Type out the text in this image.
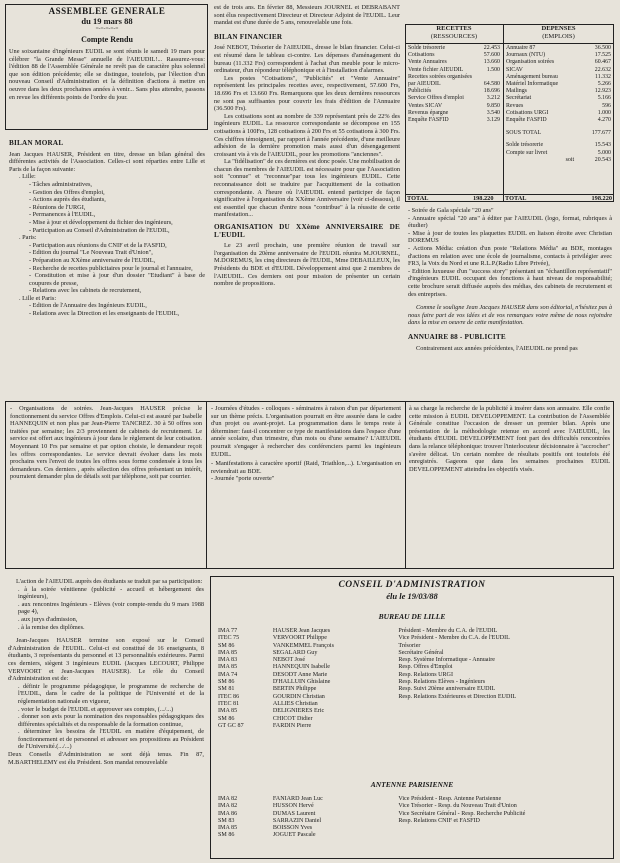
ASSEMBLEE GENERALE
du 19 mars 88
=-=-=-=-=
Compte Rendu

Une soixantaine d'ingénieurs EUDIL se sont réunis le samedi 19 mars pour célébrer "la Grande Messe" annuelle de l'AIEUDIL!... Rassurez-vous: l'édition 88 de l'Assemblée Générale ne revêt pas de caractère plus solennel que son édition précédente; elle se distingue, toutefois, par l'élection d'un nouveau Conseil d'Administration et la définition d'actions à mettre en oeuvre dans les deux prochaines années à venir... Sans plus attendre, passons en revue les différents points de l'ordre du jour.

BILAN MORAL

Jean Jacques HAUSER, Président en titre, dresse un bilan général des différentes activités de l'Association. Celles-ci sont réparties entre Lille et Paris de la façon suivante:

. Lille:

- Tâches administratives,

- Gestion des Offres d'emploi,

- Actions auprès des étudiants,

- Réunions de l'URGI,

- Permanences à l'EUDIL,

- Mise à jour et développement du fichier des ingénieurs,

- Participation au Conseil d'Administration de l'EUDIL,

. Paris:

- Participation aux réunions du CNIF et de la FASFID,

- Edition du journal "Le Nouveau Trait d'Union",

- Préparation au XXème anniversaire de l'EUDIL,

- Recherche de recettes publicitaires pour le journal et l'annuaire,

- Constitution et mise à jour d'un dossier "Etudiant" à base de coupures de presse,

- Relations avec les cabinets de recrutement,

. Lille et Paris:

- Edition de l'Annuaire des Ingénieurs EUDIL,

- Relations avec la Direction et les enseignants de l'EUDIL,

est de trois ans. En février 88, Messieurs JOURNEL et DEBRABANT sont élus respectivement Directeur et Directeur Adjoint de l'EUDIL. Leur mandat est d'une durée de 5 ans, renouvelable une fois.

BILAN FINANCIER

José NEBOT, Trésorier de l'AIEUDIL, dresse le bilan financier. Celui-ci est résumé dans le tableau ci-contre. Les dépenses d'aménagement du bureau (11.332 Frs) correspondent à l'achat d'un meuble pour le micro-ordinateur, d'un répondeur téléphonique et à l'installation d'alarmes.

Les postes "Cotisations", "Publicités" et "Vente Annuaire" représentent les principales recettes avec, respectivement, 57.600 Frs, 18.696 Frs et 13.660 Frs. Remarquons que les deux dernières ressources ne sont pas suffisantes pour couvrir les frais d'édition de l'Annuaire (36.500 Frs).

Les cotisations sont au nombre de 339 représentant près de 22% des ingénieurs EUDIL. La ressource correspondante se décompose en 155 cotisations à 100Frs, 128 cotisations à 200 Frs et 55 cotisations à 300 Frs. Ces chiffres témoignent, par rapport à l'année précédente, d'une meilleure adhésion de la dernière promotion mais aussi d'un désengagement croissant vis à vis de l'AIEUDIL, pour les promotions "anciennes".

La "fidélisation" de ces dernières est donc posée. Une mobilisation de chacun des membres de l'AIEUDIL est nécessaire pour que l'Association soit "connue" et "reconnue"par tous les ingénieurs EUDIL. Cette reconnaissance doit se traduire par l'acquittement de la cotisation correspondante. A l'heure où l'AIEUDIL entend participer de façon significative à l'organisation du XXème Anniversaire (voir ci-dessous), il est essentiel que chacun d'entre nous "contribue" à la réussite de cette manifestation...

ORGANISATION DU XXème ANNIVERSAIRE DE L'EUDIL

Le 23 avril prochain, une première réunion de travail sur l'organisation du 20ème anniversaire de l'EUDIL réunira M.JOURNEL, M.DOREMUS, les cinq directeurs de l'EUDIL, Mme DEBAILLEUX, les Présidents du BDE et d'EUDIL Développement ainsi que 2 membres de l'AIEUDIL. Ces derniers ont pour mission de présenter un certain nombre de propositions.

RECETTES
(RESSOURCES)
DEPENSES
(EMPLOIS)
Solde trésorerie	22.453
Cotisations	57.600
Vente Annuaires	13.660
Vente fichier AIEUDIL	1.500
Recettes soirées organisées	
par AIEUDIL	64.580
Publicités	18.696
Service Offres d'emploi	3.212
Ventes SICAV	9.850
Revenus épargne	3.540
Enquête FASFID	3.129
Annuaire 87	36.500
Journaux (NTU)	17.525
Organisation soirées	60.467
SICAV	22.632
Aménagement bureau	11.332
Matériel Informatique	5.266
Mailings	12.923
Secrétariat	5.166
Revues	596
Cotisations URGI	1.000
Enquête FASFID	4.270
SOUS TOTAL	177.677

Solde trésorerie	15.543
Compte sur livret	5.000
soit	20.543
TOTAL	198.220 TOTAL	198.220

- Soirée de Gala spéciale "20 ans"

- Annuaire spécial "20 ans" à éditer par l'AIEUDIL (logo, format, rubriques à étudier)

- Mise à jour de toutes les plaquettes EUDIL en liaison étroite avec Christian DOREMUS

- Actions Média: création d'un poste "Relations Média" au BDE, montages d'actions en relation avec une école de journalisme, contacts à privilégier avec FR3, la Voix du Nord et une R.L.P.(Radio Libre Privée),

- Edition luxueuse d'un "success story" présentant un "échantillon représentatif" d'ingénieurs EUDIL occupant des fonctions à haut niveau de responsabilité; cette brochure serait diffusée auprès des médias, des cabinets de recrutement et des entreprises.

Comme le souligne Jean Jacques HAUSER dans son éditorial, n'hésitez pas à nous faire part de vos idées et de vos remarques votre même de nous rejoindre dans la mise en oeuvre de cette manifestation.

ANNUAIRE 88 - PUBLICITE

Contrairement aux années précédentes, l'AIEUDIL ne prend pas

- Organisations de soirées. Jean-Jacques HAUSER précise le fonctionnement du service Offres d'Emplois. Celui-ci est assuré par Isabelle HANNEQUIN et non plus par Jean-Pierre TANCREZ. 30 à 50 offres son traitées par semaine; les 2/3 proviennent de cabinets de recrutement. Le service est offert aux ingénieurs à jour dans le règlement de leur cotisation. Moyennant 10 Frs par semaine et par option choisie, le demandeur reçoit les offres correspondantes. Le service devrait évoluer dans les mois prochains vers l'envoi de toutes les offres sous forme condensée à tous les demandeurs. Ces derniers , après sélection des offres présentant un intérêt, pourraient demander plus de détails soit par téléphone, soit par courrier.

- Journées d'études - colloques - séminaires à raison d'un par département sur un thème précis. L'organisation pourrait en être assurée dans le cadre d'un projet ou avant-projet. La programmation dans le temps reste à déterminer: faut-il concentrer ce type de manifestations dans l'espace d'une année scolaire, d'un trimestre, d'un mois ou d'une semaine? L'AIEUDIL pourrait s'engager à rechercher des conférenciers parmi les ingénieurs EUDIL.

- Manifestations à caractère sportif (Raid, Triathlon,...). L'organisation en reviendrait au BDE.

- Journée "porte ouverte"

à sa charge la recherche de la publicité à insérer dans son annuaire. Elle confie cette mission à EUDIL DEVELOPPEMENT. La contribution de l'Assemblée Générale constitue l'occasion de dresser un premier bilan. Après une présentation de la méthodologie retenue en accord avec l'AIEUDIL, les étudiants d'EUDIL DEVELOPPEMENT font part des difficultés rencontrées dans la relance téléphonique: trouver l'interlocuteur décisionnaire à "accrocher" s'avère délicat. Un certain nombre de résultats positifs ont toutefois été enregistrés. Gageons que dans les semaines prochaines EUDIL DEVELOPPEMENT atteindra les objectifs visés.

L'action de l'AIEUDIL auprès des étudiants se traduit par sa participation:

. à la soirée vénitienne (publicité - accueil et hébergement des ingénieurs),

. aux rencontres Ingénieurs - Elèves (voir compte-rendu du 9 mars 1988 page 4),

. aux jurys d'admission,

. à la remise des diplômes.

Jean-Jacques HAUSER termine son exposé sur le Conseil d'Administration de l'EUDIL. Celui-ci est constitué de 16 enseignants, 8 étudiants, 3 représentants du personnel et 13 personnalités extérieures. Parmi ces derniers, siègent 3 ingénieurs EUDIL (Jacques LECOURT, Philippe VERVOORT et Jean-Jacques HAUSER). Le rôle du Conseil d'Administration est de:

. définir le programme pédagogique, le programme de recherche de l'EUDIL, dans le cadre de la politique de l'Université et de la réglementation nationale en vigueur,

. voter le budget de l'EUDIL et approuver ses comptes, (.../...)

. donner son avis pour la nomination des responsables pédagogiques des différentes spécialités et du responsable de la formation continue,

. déterminer les besoins de l'EUDIL en matière d'équipement, de fonctionnement et de personnel et adresser ses propositions au Président de l'Université.(.../...)

Deux Conseils d'Administration se sont déjà tenus. Fin 87, M.BARTHELEMY est élu Président. Son mandat renouvelable

CONSEIL D'ADMINISTRATION
élu le 19/03/88
BUREAU DE LILLE
IMA 77	HAUSER Jean Jacques	Président - Membre du C.A. de l'EUDIL
ITEC 75	VERVOORT Philippe	Vice Président - Membre du C.A. de l'EUDIL
SM 86	VANKEMMEL François	Trésorier
IMA 85	SEGALARD Guy	Secrétaire Général
IMA 83	NEBOT José	Resp. Système Informatique - Annuaire
IMA 85	HANNEQUIN Isabelle	Resp. Offres d'Emploi
IMA 74	DESODT Anne Marie	Resp. Relations URGI
SM 86	D'HALLUIN Ghislaine	Resp. Relations Elèves - Ingénieurs
SM 81	BERTIN Philippe	Resp. Suivi 20ème anniversaire EUDIL
ITEC 86	GOURDIN Christian	Resp. Relations Extérieures et Direction EUDIL
ITEC 81	ALLIES Christian	
IMA 85	DELIGNIERES Eric	
SM 86	CHICOT Didier	
GT GC 87	FARDIN Pierre	
ANTENNE PARISIENNE
IMA 82	FANIARD Jean Luc	Vice Président - Resp. Antenne Parisienne
IMA 82	HUSSON Hervé	Vice Trésorier - Resp. du Nouveau Trait d'Union
IMA 86	DUMAS Laurent	Vice Secrétaire Général - Resp. Recherche Publicité
SM 83	SARRAZIN Daniel	Resp. Relations CNIF et FASFID
IMA 85	BOISSON Yves	
SM 86	JOGUET Pascale	
